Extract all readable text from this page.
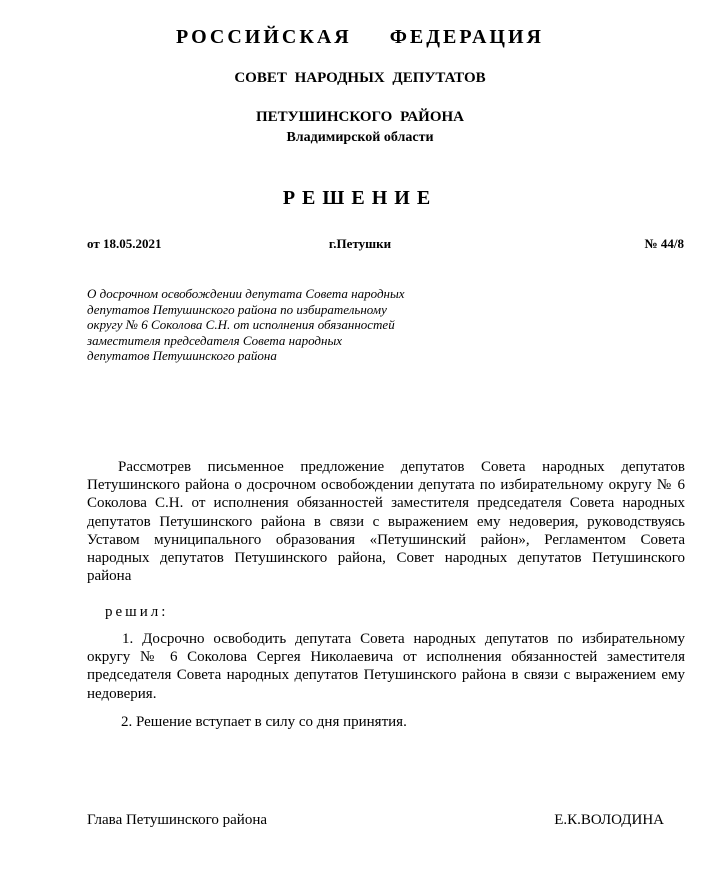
РОССИЙСКАЯ ФЕДЕРАЦИЯ
СОВЕТ НАРОДНЫХ ДЕПУТАТОВ
ПЕТУШИНСКОГО РАЙОНА
Владимирской области
РЕШЕНИЕ
от 18.05.2021	г.Петушки	№ 44/8
О досрочном освобождении депутата Совета народных депутатов Петушинского района по избирательному округу № 6 Соколова С.Н. от исполнения обязанностей заместителя председателя Совета народных депутатов Петушинского района
Рассмотрев письменное предложение депутатов Совета народных депутатов Петушинского района о досрочном освобождении депутата по избирательному округу № 6 Соколова С.Н. от исполнения обязанностей заместителя председателя Совета народных депутатов Петушинского района в связи с выражением ему недоверия, руководствуясь Уставом муниципального образования «Петушинский район», Регламентом Совета народных депутатов Петушинского района, Совет народных депутатов Петушинского района
решил:
1. Досрочно освободить депутата Совета народных депутатов по избирательному округу № 6 Соколова Сергея Николаевича от исполнения обязанностей заместителя председателя Совета народных депутатов Петушинского района в связи с выражением ему недоверия.
2. Решение вступает в силу со дня принятия.
Глава Петушинского района	Е.К.ВОЛОДИНА
